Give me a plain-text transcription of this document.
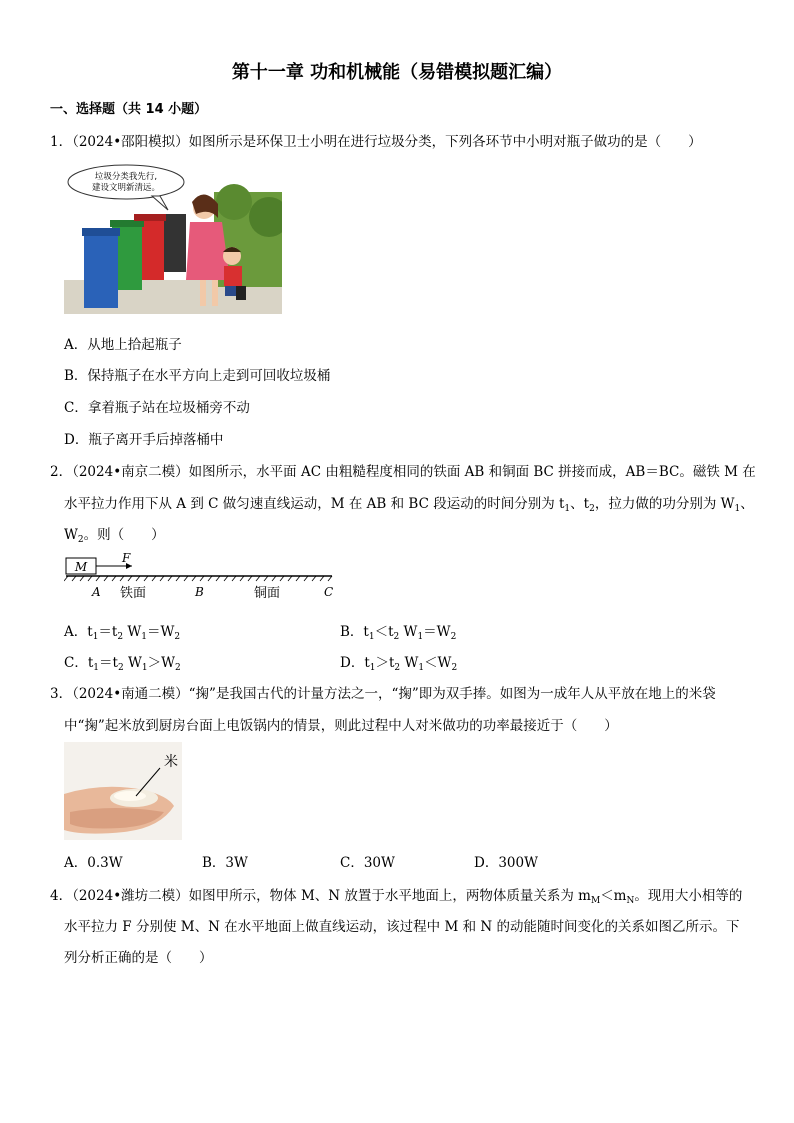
第十一章 功和机械能（易错模拟题汇编）
一、选择题（共 14 小题）
1．（2024•邵阳模拟）如图所示是环保卫士小明在进行垃圾分类，下列各环节中小明对瓶子做功的是（　　）
垃圾分类我先行,
建设文明新清远。
A．从地上拾起瓶子
B．保持瓶子在水平方向上走到可回收垃圾桶
C．拿着瓶子站在垃圾桶旁不动
D．瓶子离开手后掉落桶中
2．（2024•南京二模）如图所示，水平面 AC 由粗糙程度相同的铁面 AB 和铜面 BC 拼接而成，AB＝BC。磁铁 M 在
水平拉力作用下从 A 到 C 做匀速直线运动，M 在 AB 和 BC 段运动的时间分别为 $t_1$、$t_2$，拉力做的功分别为 $W_1$、
$W_2$。则（　　）
M
F
A 铁面	B	铜面	C
A．$t_1=t_2$ $W_1=W_2$	B．$t_1<t_2$ $W_1=W_2$
C．$t_1=t_2$ $W_1>W_2$	D．$t_1>t_2$ $W_1<W_2$
3．（2024•南通二模）“掬”是我国古代的计量方法之一，“掬”即为双手捧。如图为一成年人从平放在地上的米袋
中“掬”起米放到厨房台面上电饭锅内的情景，则此过程中人对米做功的功率最接近于（　　）
米
A．0.3W	B．3W	C．30W	D．300W
4．（2024•潍坊二模）如图甲所示，物体 M、N 放置于水平地面上，两物体质量关系为 $m_M<m_N$。现用大小相等的
水平拉力 F 分别使 M、N 在水平地面上做直线运动，该过程中 M 和 N 的动能随时间变化的关系如图乙所示。下
列分析正确的是（　　）
